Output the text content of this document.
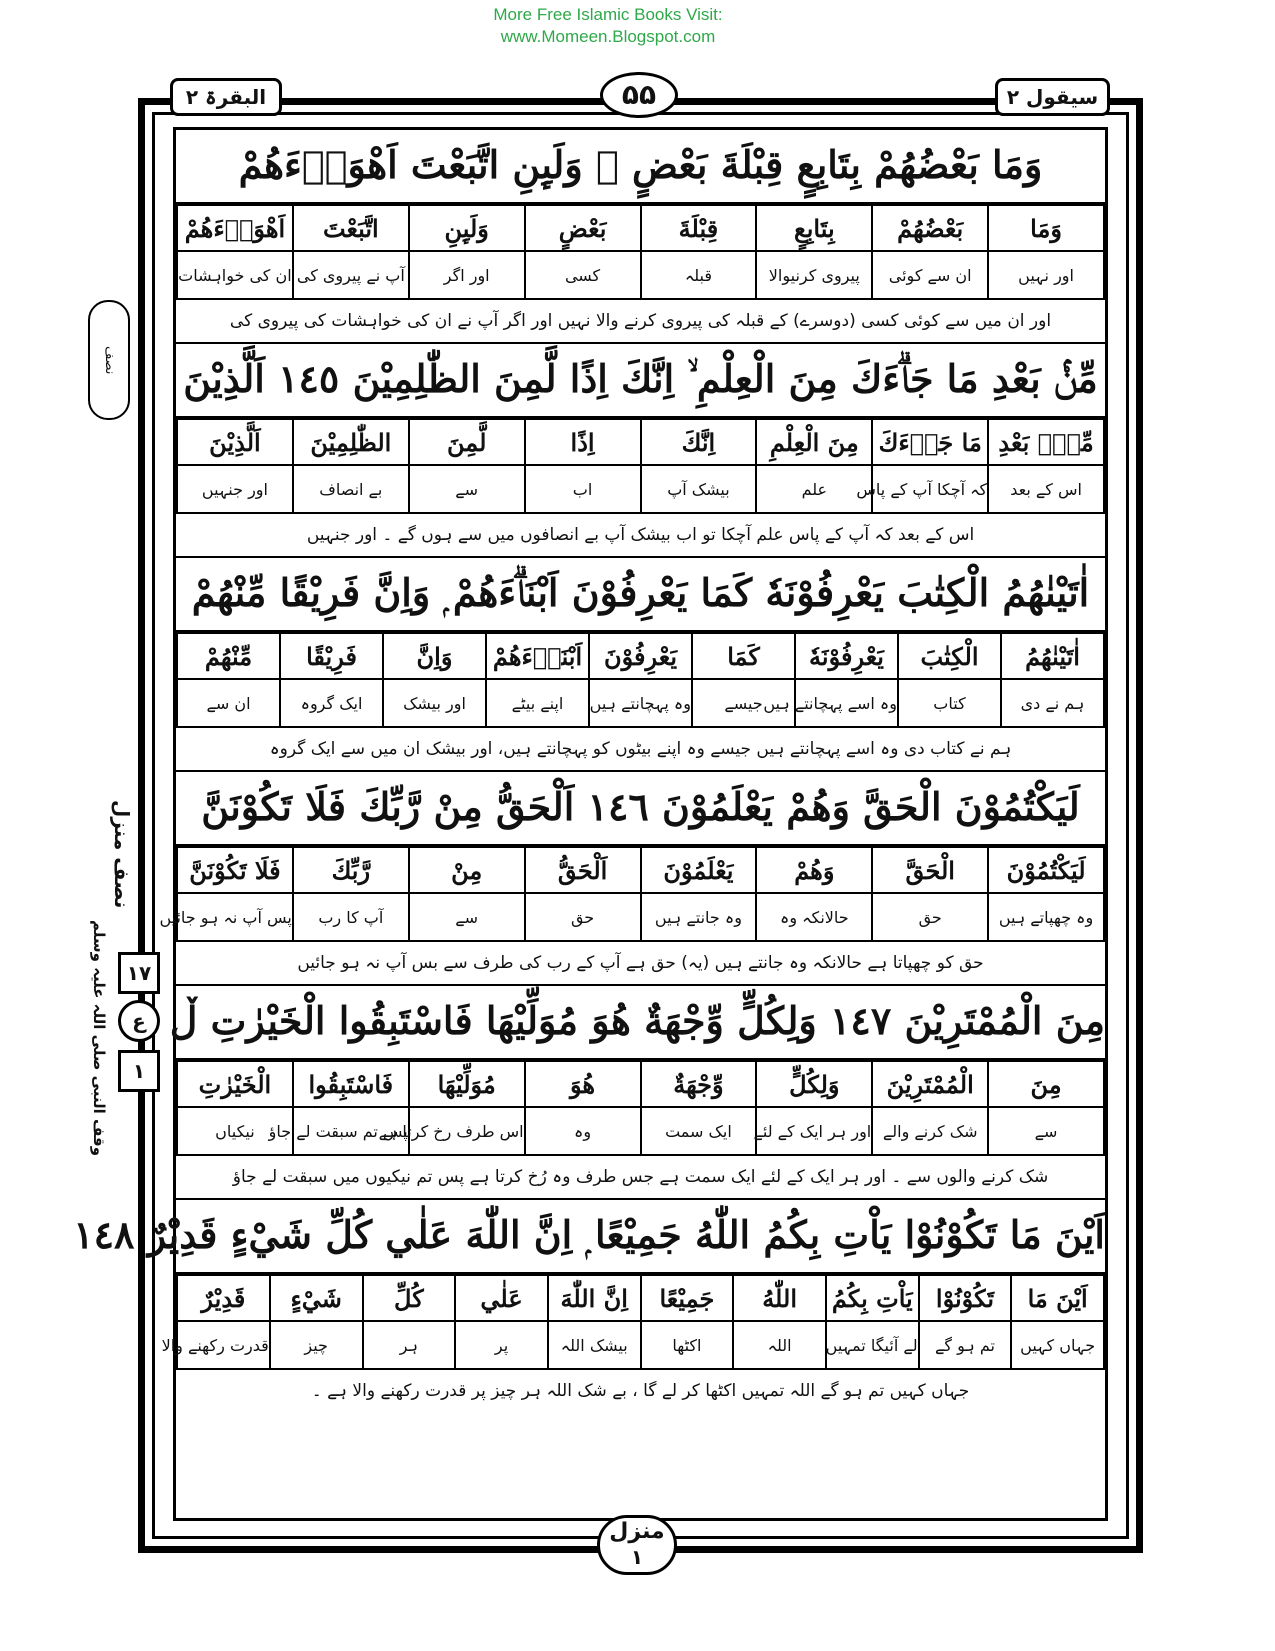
More Free Islamic Books Visit:
www.Momeen.Blogspot.com
البقرۃ ۲	۵۵	سیقول ۲
نصف
نصف منزل
وقف النبی صلی اللہ علیہ وسلم ۱۷
ع
۱
وَمَا بَعْضُهُمْ بِتَابِعٍ قِبْلَةَ بَعْضٍ ۭ وَلَىِٕنِ اتَّبَعْتَ اَهْوَاۗءَهُمْ
وَمَا	بَعْضُهُمْ	بِتَابِعٍ	قِبْلَةَ	بَعْضٍ	وَلَىِٕنِ	اتَّبَعْتَ	اَهْوَاۗءَهُمْ
اور نہیں	ان سے کوئی	پیروی کرنیوالا	قبلہ	کسی	اور اگر	آپ نے پیروی کی	ان کی خواہشات
اور ان میں سے کوئی کسی (دوسرے) کے قبلہ کی پیروی کرنے والا نہیں اور اگر آپ نے ان کی خواہشات کی پیروی کی
مِّنْۢ بَعْدِ مَا جَاۗءَكَ مِنَ الْعِلْمِ ۙ اِنَّكَ اِذًا لَّمِنَ الظّٰلِمِيْنَ ١٤٥ اَلَّذِيْنَ
مِّنْۢ بَعْدِ	مَا جَاۗءَكَ	مِنَ الْعِلْمِ	اِنَّكَ	اِذًا	لَّمِنَ	الظّٰلِمِيْنَ	اَلَّذِيْنَ
اس کے بعد	کہ آچکا آپ کے پاس	علم	بیشک آپ	اب	سے	بے انصاف	اور جنہیں
اس کے بعد کہ آپ کے پاس علم آچکا تو اب بیشک آپ بے انصافوں میں سے ہوں گے ۔ اور جنہیں
اٰتَيْنٰھُمُ الْكِتٰبَ يَعْرِفُوْنَهٗ كَمَا يَعْرِفُوْنَ اَبْنَاۗءَھُمْ ۭ وَاِنَّ فَرِيْقًا مِّنْهُمْ
اٰتَيْنٰھُمُ	الْكِتٰبَ	يَعْرِفُوْنَهٗ	كَمَا	يَعْرِفُوْنَ	اَبْنَاۗءَھُمْ	وَاِنَّ	فَرِيْقًا	مِّنْهُمْ
ہم نے دی	کتاب	وہ اسے پہچانتے ہیں	جیسے	وہ پہچانتے ہیں	اپنے بیٹے	اور بیشک	ایک گروہ	ان سے
ہم نے کتاب دی وہ اسے پہچانتے ہیں جیسے وہ اپنے بیٹوں کو پہچانتے ہیں، اور بیشک ان میں سے ایک گروہ
لَيَكْتُمُوْنَ الْحَقَّ وَھُمْ يَعْلَمُوْنَ ١٤٦ اَلْحَقُّ مِنْ رَّبِّكَ فَلَا تَكُوْنَنَّ
لَيَكْتُمُوْنَ	الْحَقَّ	وَھُمْ	يَعْلَمُوْنَ	اَلْحَقُّ	مِنْ	رَّبِّكَ	فَلَا تَكُوْنَنَّ
وہ چھپاتے ہیں	حق	حالانکہ وہ	وہ جانتے ہیں	حق	سے	آپ کا رب	پس آپ نہ ہو جائیں
حق کو چھپاتا ہے حالانکہ وہ جانتے ہیں (یہ) حق ہے آپ کے رب کی طرف سے بس آپ نہ ہو جائیں
مِنَ الْمُمْتَرِيْنَ ١٤٧ وَلِكُلٍّ وِّجْهَةٌ ھُوَ مُوَلِّيْهَا فَاسْتَبِقُوا الْخَيْرٰتِ ڵ
مِنَ	الْمُمْتَرِيْنَ	وَلِكُلٍّ	وِّجْهَةٌ	ھُوَ	مُوَلِّيْهَا	فَاسْتَبِقُوا	الْخَيْرٰتِ
سے	شک کرنے والے	اور ہر ایک کے لئے	ایک سمت	وہ	اس طرف رخ کرتا ہے	پس تم سبقت لے جاؤ	نیکیاں
شک کرنے والوں سے ۔ اور ہر ایک کے لئے ایک سمت ہے جس طرف وہ رُخ کرتا ہے پس تم نیکیوں میں سبقت لے جاؤ
اَيْنَ مَا تَكُوْنُوْا يَاْتِ بِكُمُ اللّٰهُ جَمِيْعًا ۭ اِنَّ اللّٰهَ عَلٰي كُلِّ شَيْءٍ قَدِيْرٌ ١٤٨
اَيْنَ مَا	تَكُوْنُوْا	يَاْتِ بِكُمُ	اللّٰهُ	جَمِيْعًا	اِنَّ اللّٰهَ	عَلٰي	كُلِّ	شَيْءٍ	قَدِيْرٌ
جہاں کہیں	تم ہو گے	لے آئیگا تمہیں	اللہ	اکٹھا	بیشک اللہ	پر	ہر	چیز	قدرت رکھنے والا
جہاں کہیں تم ہو گے اللہ تمہیں اکٹھا کر لے گا ، بے شک اللہ ہر چیز پر قدرت رکھنے والا ہے ۔
منزل
۱
